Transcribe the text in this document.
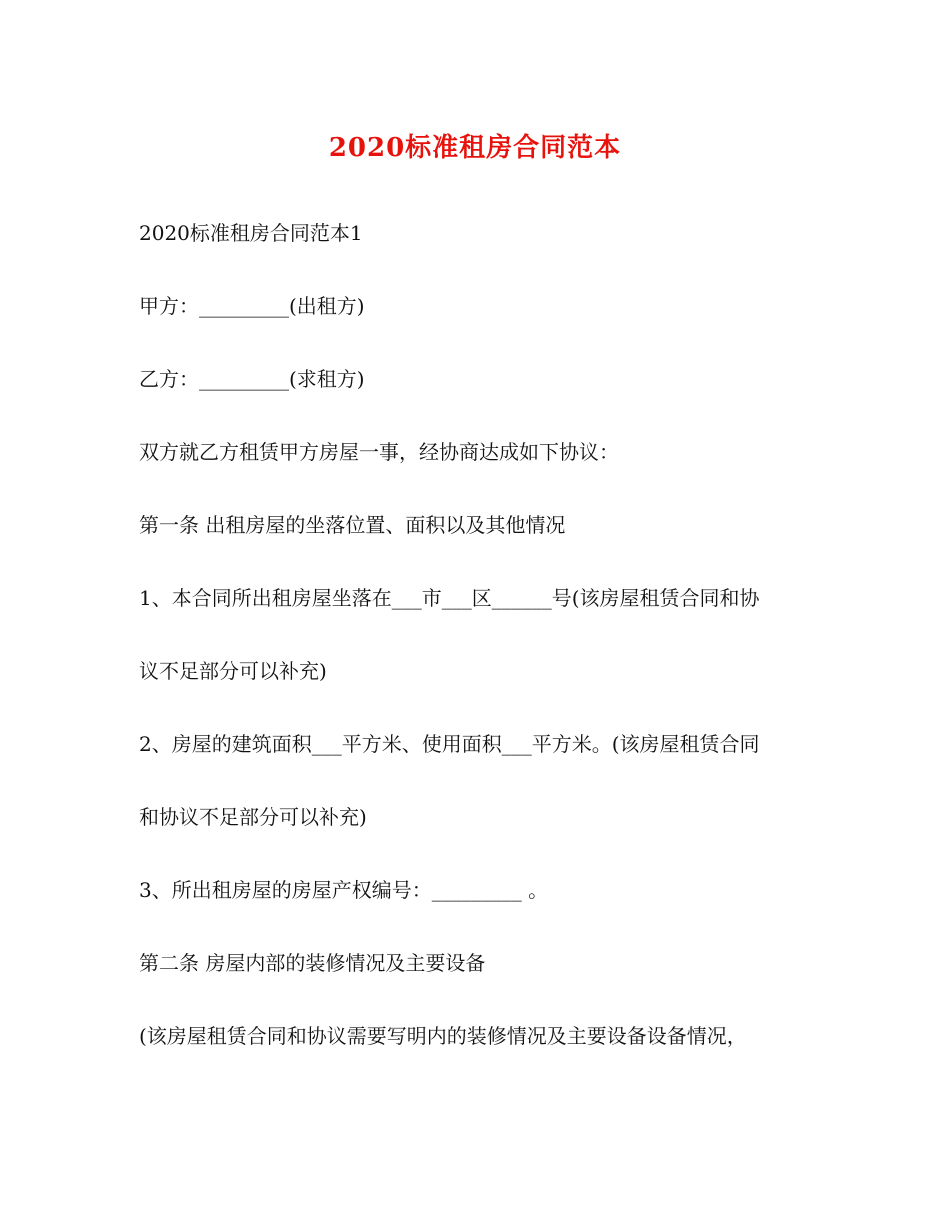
2020标准租房合同范本
2020标准租房合同范本1
甲方：_________(出租方)
乙方：_________(求租方)
双方就乙方租赁甲方房屋一事，经协商达成如下协议：
第一条 出租房屋的坐落位置、面积以及其他情况
1、本合同所出租房屋坐落在___市___区______号(该房屋租赁合同和协
议不足部分可以补充)
2、房屋的建筑面积___平方米、使用面积___平方米。(该房屋租赁合同
和协议不足部分可以补充)
3、所出租房屋的房屋产权编号：_________ 。
第二条 房屋内部的装修情况及主要设备
(该房屋租赁合同和协议需要写明内的装修情况及主要设备设备情况，
